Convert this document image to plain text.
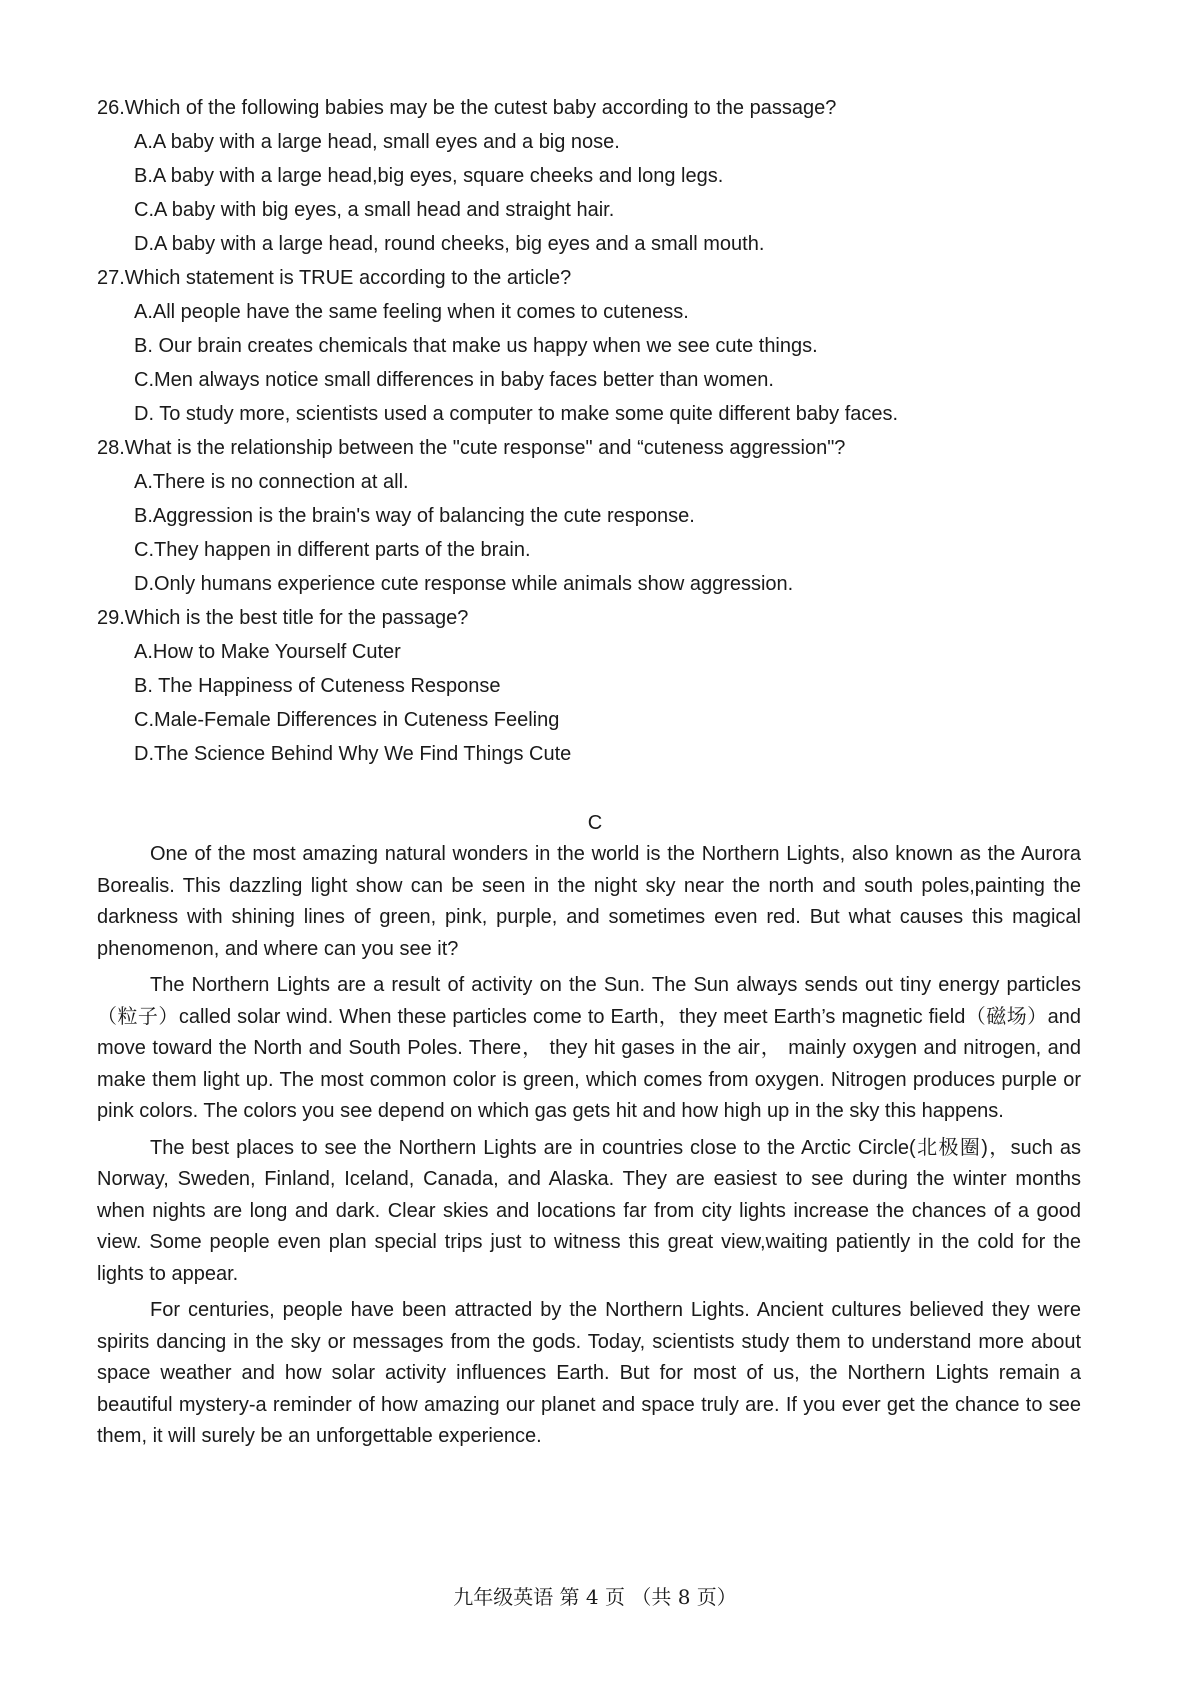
26.Which of the following babies may be the cutest baby according to the passage?

A.A baby with a large head, small eyes and a big nose.

B.A baby with a large head,big eyes, square cheeks and long legs.

C.A baby with big eyes, a small head and straight hair.

D.A baby with a large head, round cheeks, big eyes and a small mouth.

27.Which statement is TRUE according to the article?

A.All people have the same feeling when it comes to cuteness.

B. Our brain creates chemicals that make us happy when we see cute things.

C.Men always notice small differences in baby faces better than women.

D. To study more, scientists used a computer to make some quite different baby faces.

28.What is the relationship between the "cute response" and “cuteness aggression"?

A.There is no connection at all.

B.Aggression is the brain's way of balancing the cute response.

C.They happen in different parts of the brain.

D.Only humans experience cute response while animals show aggression.

29.Which is the best title for the passage?

A.How to Make Yourself Cuter

B. The Happiness of Cuteness Response

C.Male-Female Differences in Cuteness Feeling

D.The Science Behind Why We Find Things Cute

C

One of the most amazing natural wonders in the world is the Northern Lights, also known as the Aurora Borealis. This dazzling light show can be seen in the night sky near the north and south poles,painting the darkness with shining lines of green, pink, purple, and sometimes even red. But what causes this magical phenomenon, and where can you see it?

The Northern Lights are a result of activity on the Sun. The Sun always sends out tiny energy particles（粒子）called solar wind. When these particles come to Earth，they meet Earth’s magnetic field（磁场）and move toward the North and South Poles. There， they hit gases in the air， mainly oxygen and nitrogen, and make them light up. The most common color is green, which comes from oxygen. Nitrogen produces purple or pink colors. The colors you see depend on which gas gets hit and how high up in the sky this happens.

The best places to see the Northern Lights are in countries close to the Arctic Circle(北极圈)，such as Norway, Sweden, Finland, Iceland, Canada, and Alaska. They are easiest to see during the winter months when nights are long and dark. Clear skies and locations far from city lights increase the chances of a good view. Some people even plan special trips just to witness this great view,waiting patiently in the cold for the lights to appear.

For centuries, people have been attracted by the Northern Lights. Ancient cultures believed they were spirits dancing in the sky or messages from the gods. Today, scientists study them to understand more about space weather and how solar activity influences Earth. But for most of us, the Northern Lights remain a beautiful mystery-a reminder of how amazing our planet and space truly are. If you ever get the chance to see them, it will surely be an unforgettable experience.

九年级英语 第 4 页 （共 8 页）
